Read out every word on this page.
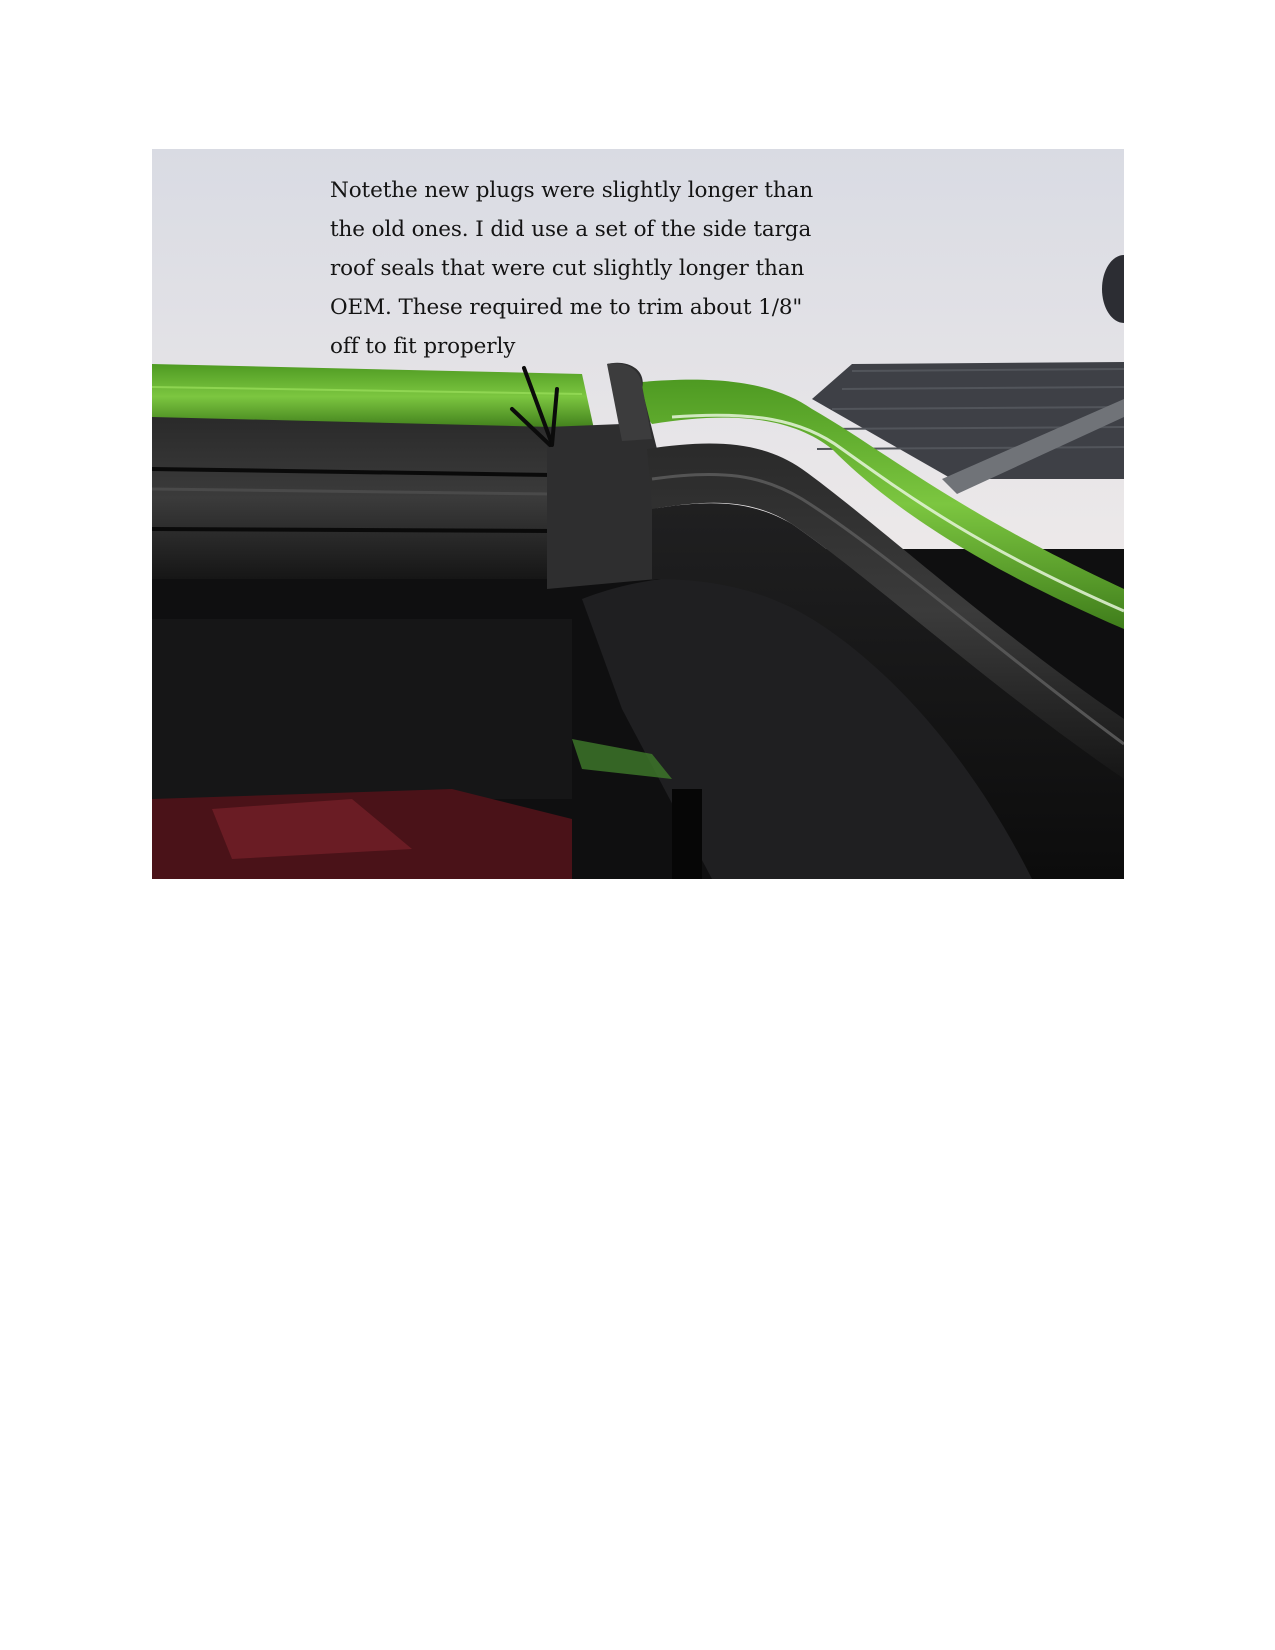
Notethe new plugs were slightly longer than the old ones. I did use a set of the side targa roof seals that were cut slightly longer than OEM. These required me to trim about 1/8" off to fit properly
